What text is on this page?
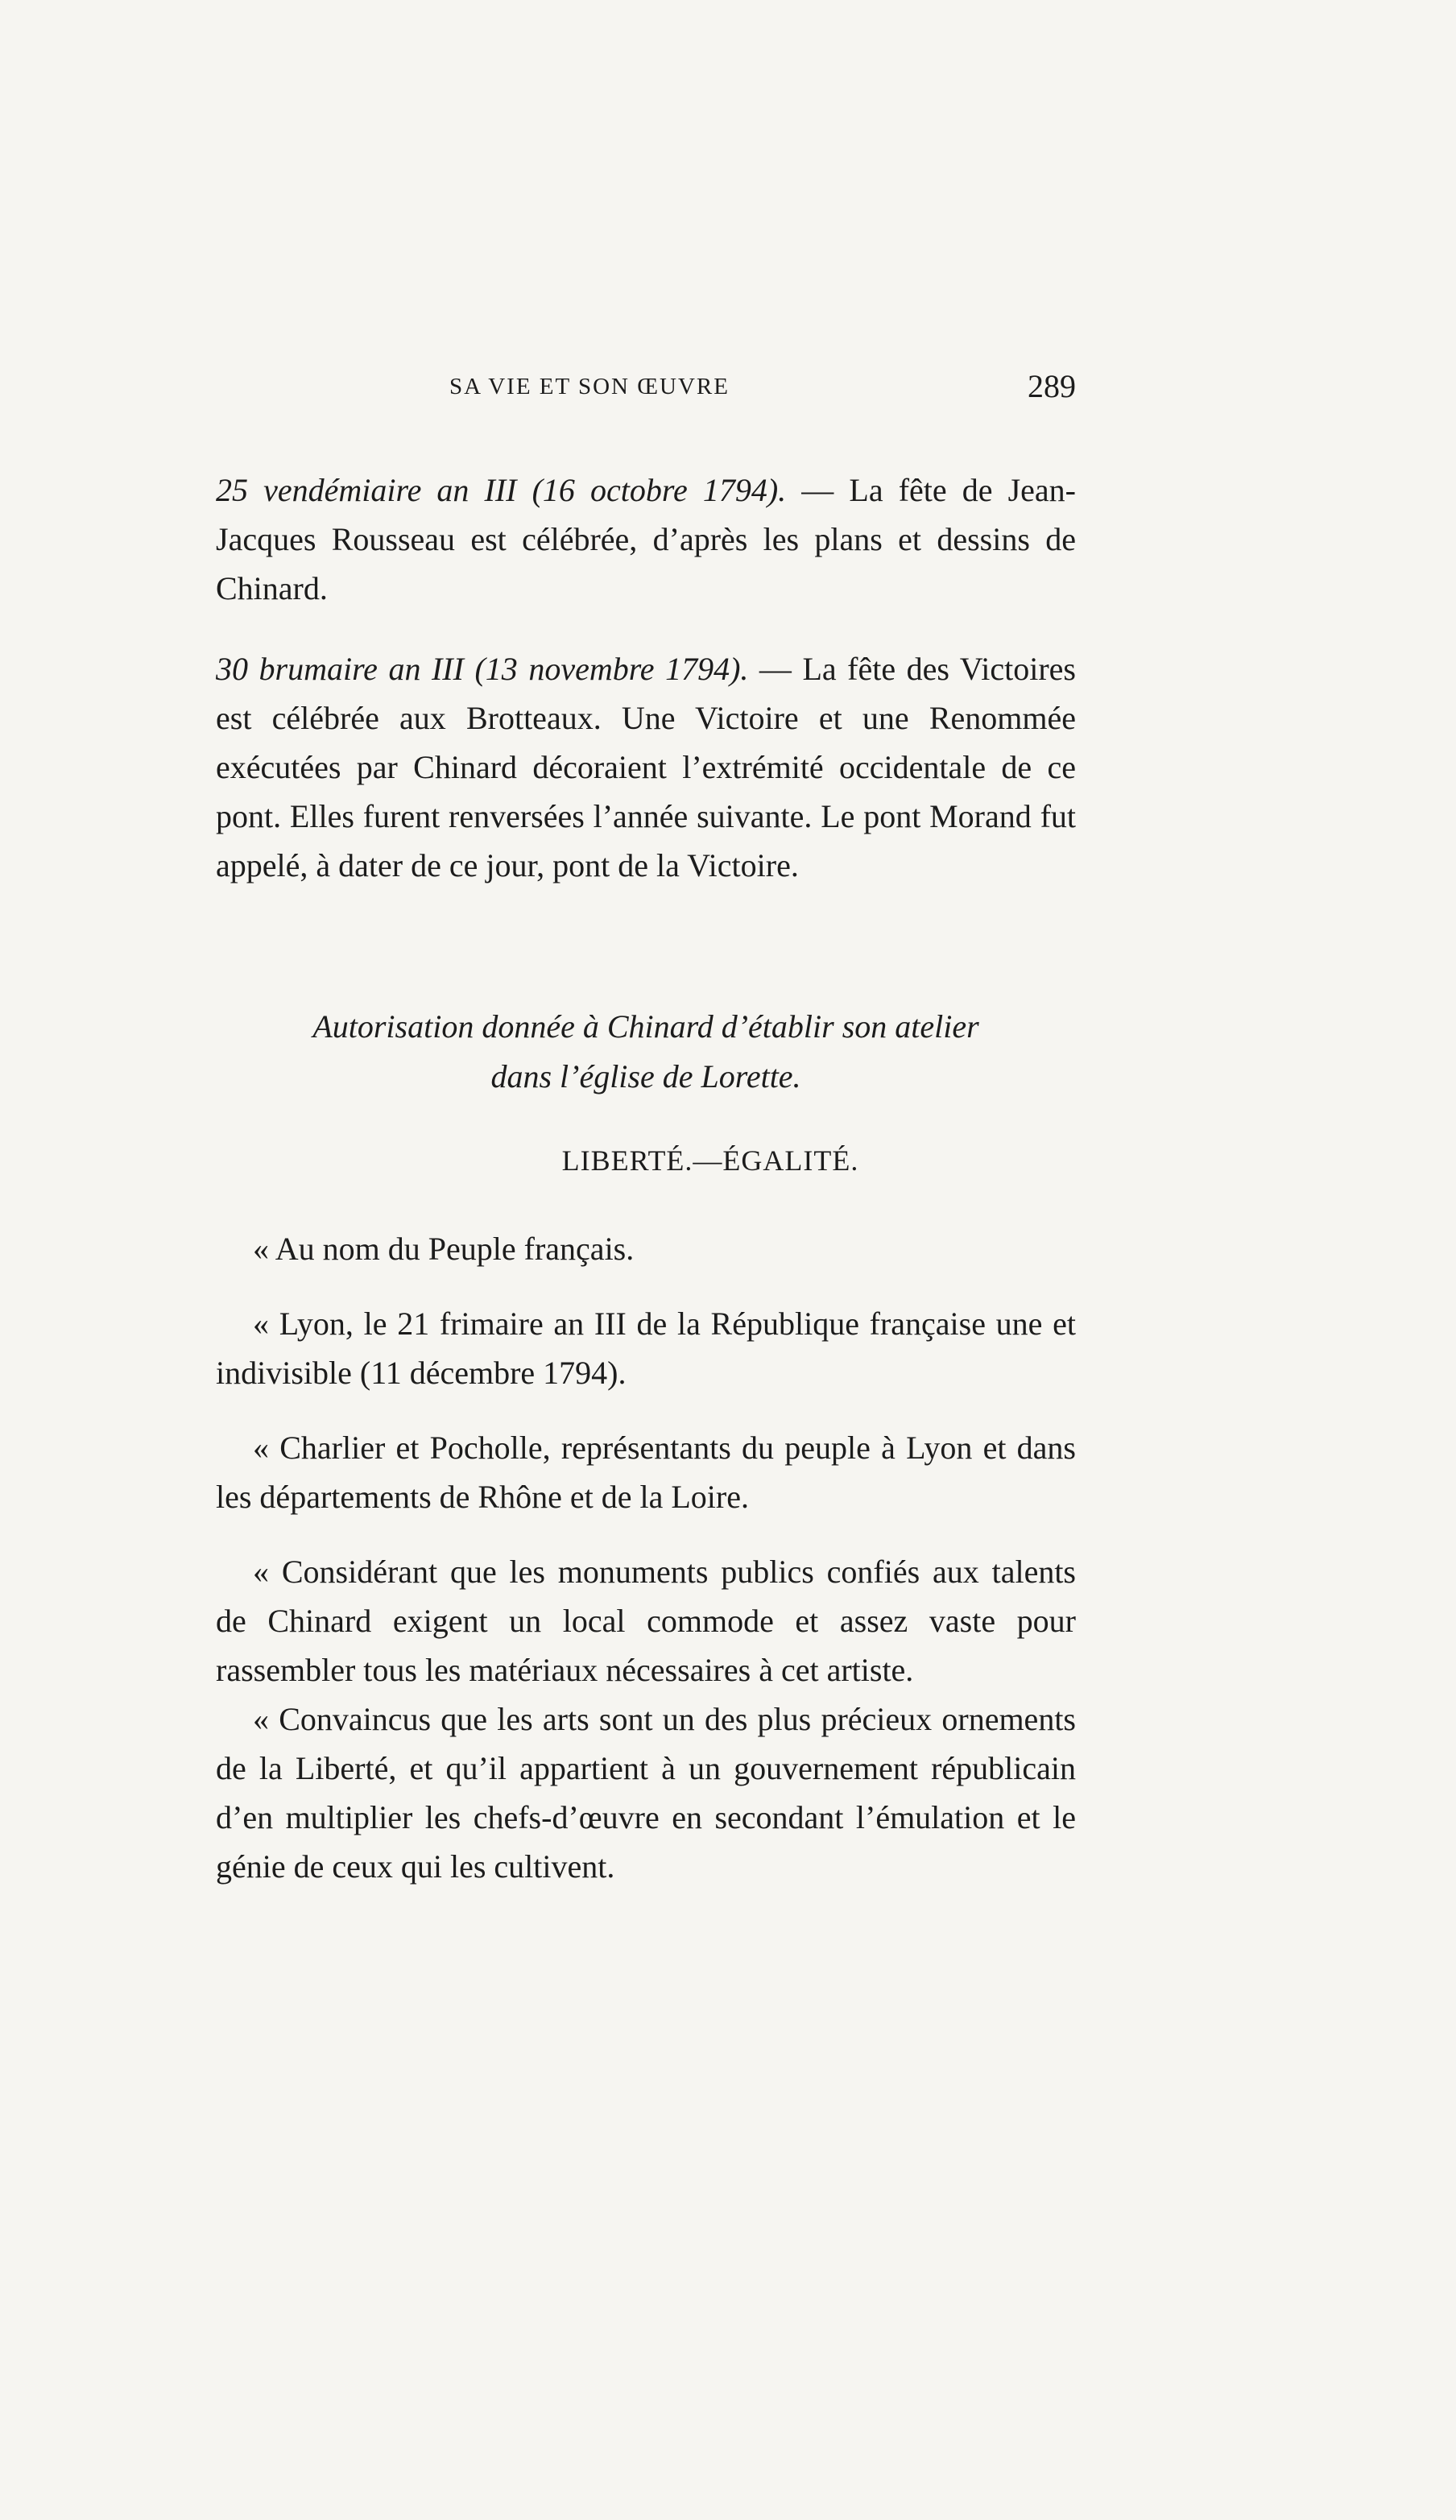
SA VIE ET SON ŒUVRE	289

25 vendémiaire an III (16 octobre 1794). — La fête de Jean-Jacques Rousseau est célébrée, d’après les plans et dessins de Chinard.

30 brumaire an III (13 novembre 1794). — La fête des Victoires est célébrée aux Brotteaux. Une Victoire et une Renommée exécutées par Chinard décoraient l’extrémité occidentale de ce pont. Elles furent renversées l’année suivante. Le pont Morand fut appelé, à dater de ce jour, pont de la Victoire.

Autorisation donnée à Chinard d’établir son atelier
dans l’église de Lorette.
LIBERTÉ.—ÉGALITÉ.

« Au nom du Peuple français.

« Lyon, le 21 frimaire an III de la République française une et indivisible (11 décembre 1794).

« Charlier et Pocholle, représentants du peuple à Lyon et dans les départements de Rhône et de la Loire.

« Considérant que les monuments publics confiés aux talents de Chinard exigent un local commode et assez vaste pour rassembler tous les matériaux nécessaires à cet artiste.

« Convaincus que les arts sont un des plus précieux ornements de la Liberté, et qu’il appartient à un gouvernement républicain d’en multiplier les chefs-d’œuvre en secondant l’émulation et le génie de ceux qui les cultivent.
